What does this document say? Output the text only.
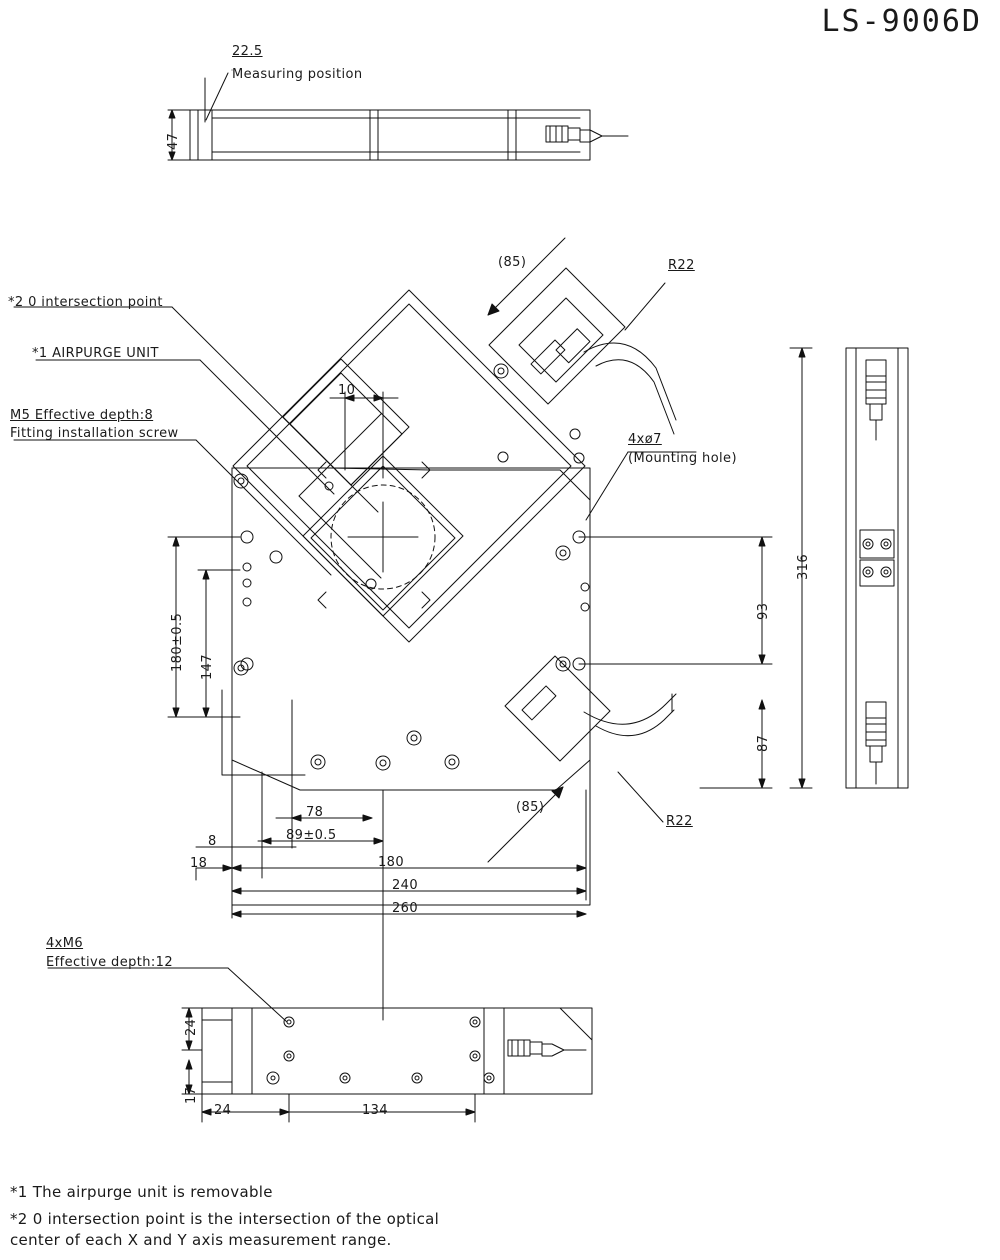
LS-9006D
22.5
Measuring position
47
*2 0 intersection point
*1 AIRPURGE UNIT
M5 Effective depth:8
Fitting installation screw
(85)
(85)
R22
R22
10
4xø7
(Mounting hole)
316
93
87
180±0.5 147
78
89±0.5
8
18	180
240
260
4xM6
Effective depth:12
24
17
24	134
*1 The airpurge unit is removable
*2 0 intersection point is the intersection of the optical
center of each X and Y axis measurement range.
